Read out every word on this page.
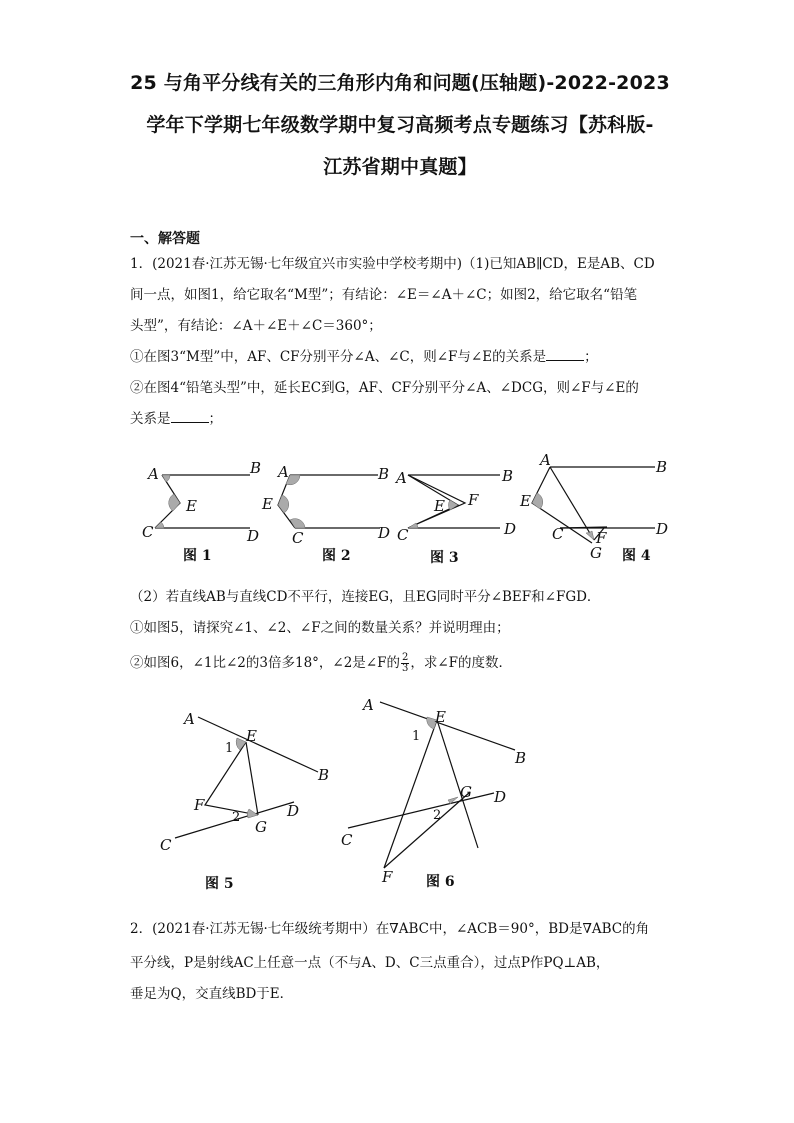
25 与角平分线有关的三角形内角和问题(压轴题)-2022-2023
学年下学期七年级数学期中复习高频考点专题练习【苏科版-
江苏省期中真题】
一、解答题
1．(2021春·江苏无锡·七年级宜兴市实验中学校考期中)（1)已知AB∥CD，E是AB、CD
间一点，如图1，给它取名“M型”；有结论：∠E＝∠A＋∠C；如图2，给它取名“铅笔
头型”，有结论：∠A＋∠E＋∠C＝360°；
①在图3“M型”中，AF、CF分别平分∠A、∠C，则∠F与∠E的关系是	；
②在图4“铅笔头型”中，延长EC到G，AF、CF分别平分∠A、∠DCG，则∠F与∠E的
关系是	；
A	B
E
C	D
A	B
E
C	D
A	B
F
E
C	D
A	B
E
C	D
F
G
图 1	图 2	图 3	图 4
（2）若直线AB与直线CD不平行，连接EG，且EG同时平分∠BEF和∠FGD．
①如图5，请探究∠1、∠2、∠F之间的数量关系？并说明理由；
②如图6，∠1比∠2的3倍多18°，∠2是∠F的 $\frac{2}{3}$ ，求∠F的度数．
A
E
1
B
F
2
G
D
C
A
E
1
B
G D
2
C
F
图 5	图 6
2．(2021春·江苏无锡·七年级统考期中）在∇ABC中，∠ACB＝90°，BD是∇ABC的角
平分线，P是射线AC上任意一点（不与A、D、C三点重合），过点P作PQ⊥AB，
垂足为Q，交直线BD于E．
